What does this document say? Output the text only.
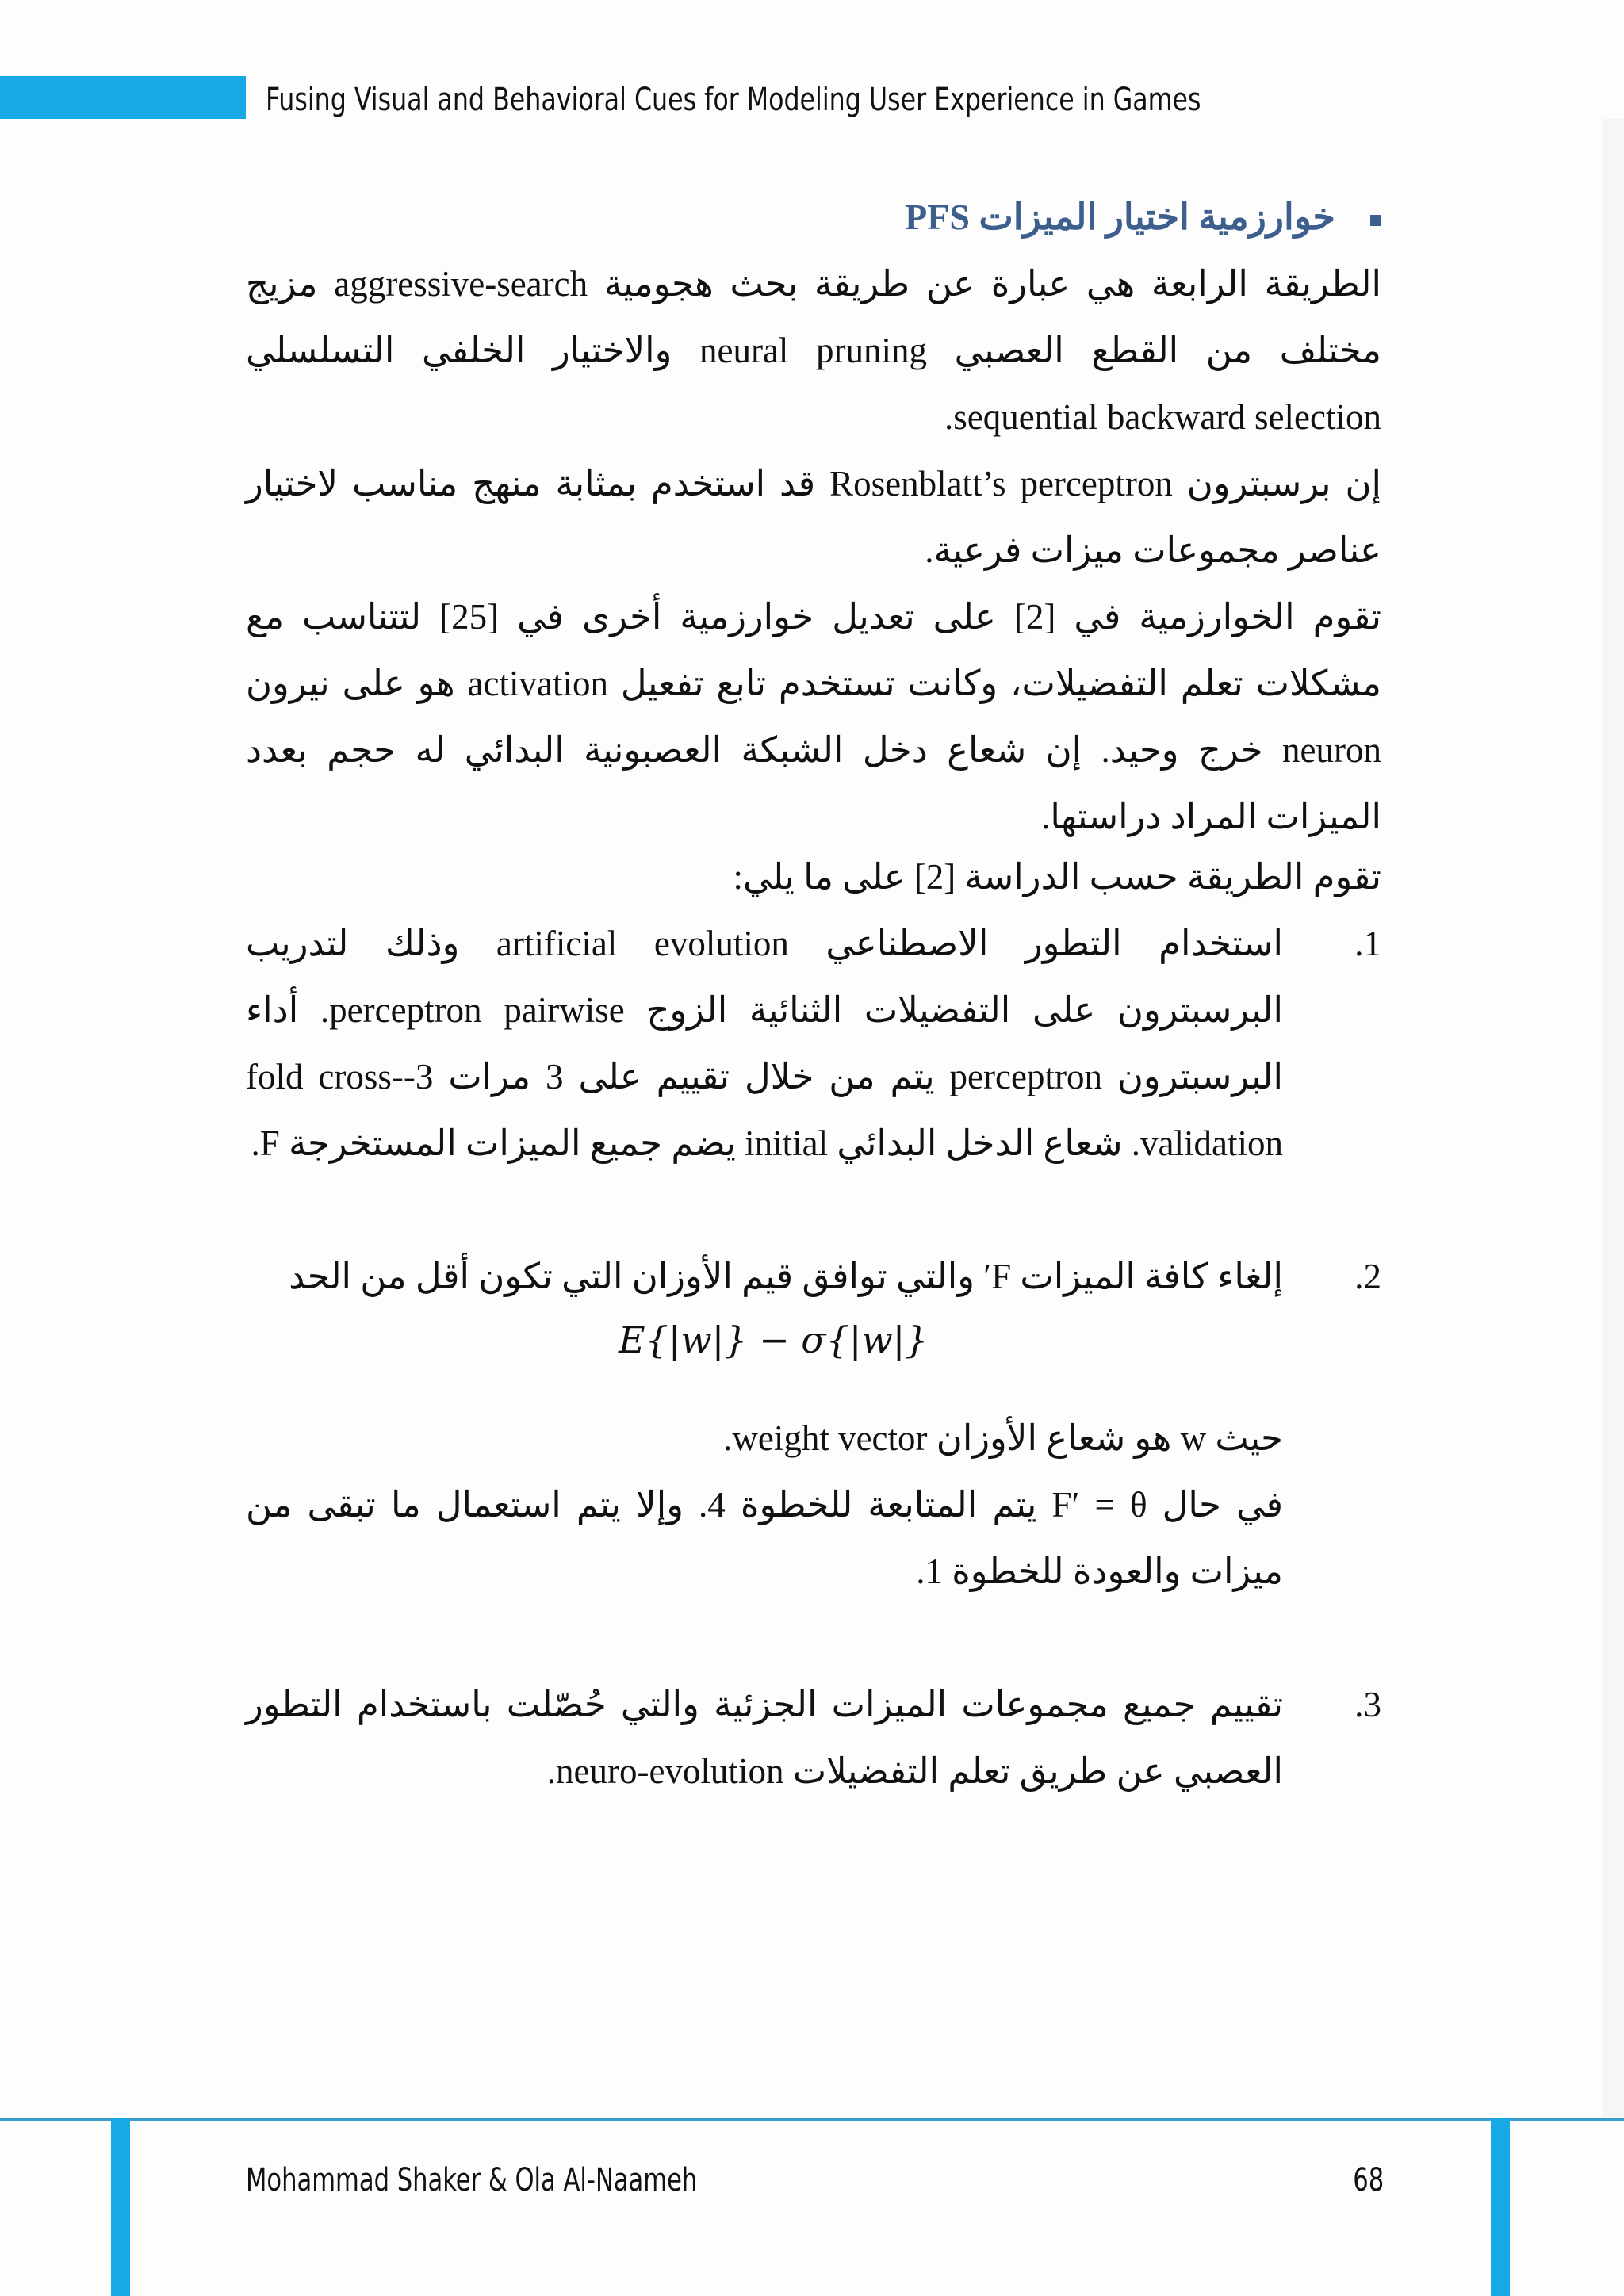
Fusing Visual and Behavioral Cues for Modeling User Experience in Games
خوارزمية اختيار الميزات PFS
الطريقة الرابعة هي عبارة عن طريقة بحث هجومية aggressive-search مزيج مختلف من القطع العصبي neural pruning والاختيار الخلفي التسلسلي sequential backward selection.
إن برسبترون Rosenblatt’s perceptron قد استخدم بمثابة منهج مناسب لاختيار عناصر مجموعات ميزات فرعية.
تقوم الخوارزمية في [2] على تعديل خوارزمية أخرى في [25] لتتناسب مع مشكلات تعلم التفضيلات، وكانت تستخدم تابع تفعيل activation هو على نيرون neuron خرج وحيد. إن شعاع دخل الشبكة العصبونية البدائي له حجم بعدد الميزات المراد دراستها.
تقوم الطريقة حسب الدراسة [2] على ما يلي:
1.
استخدام التطور الاصطناعي artificial evolution وذلك لتدريب البرسبترون على التفضيلات الثنائية الزوج perceptron pairwise. أداء البرسبترون perceptron يتم من خلال تقييم على 3 مرات 3-fold cross-validation. شعاع الدخل البدائي initial يضم جميع الميزات المستخرجة F.
2.
إلغاء كافة الميزات F′ والتي توافق قيم الأوزان التي تكون أقل من الحد
حيث w هو شعاع الأوزان weight vector.
في حال F′ = θ يتم المتابعة للخطوة 4. وإلا يتم استعمال ما تبقى من ميزات والعودة للخطوة 1.
3.
تقييم جميع مجموعات الميزات الجزئية والتي حُصّلت باستخدام التطور العصبي عن طريق تعلم التفضيلات neuro-evolution.
E{|w|} − σ{|w|}
Mohammad Shaker & Ola Al-Naameh	68
